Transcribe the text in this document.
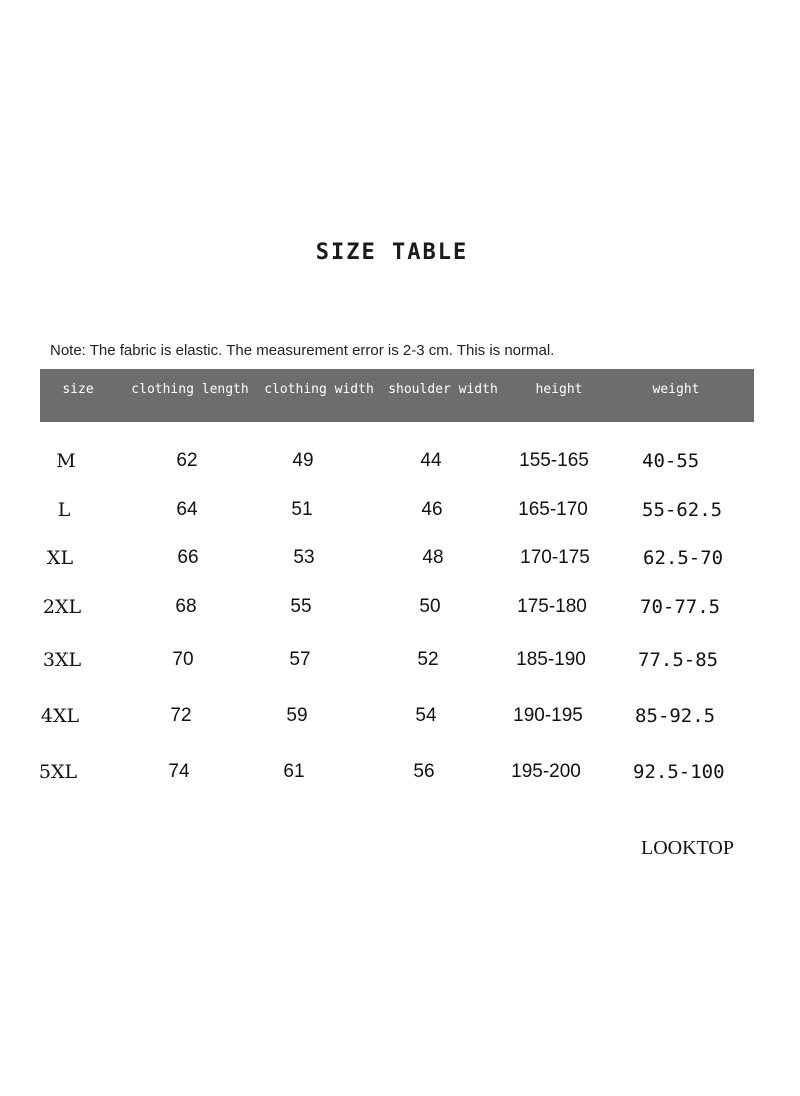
SIZE TABLE
Note: The fabric is elastic. The measurement error is 2-3 cm. This is normal.
size	clothing length	clothing width	shoulder width	height	weight
M	62	49	44	155-165	40-55
L	64	51	46	165-170	55-62.5
XL	66	53	48	170-175	62.5-70
2XL	68	55	50	175-180	70-77.5
3XL	70	57	52	185-190	77.5-85
4XL	72	59	54	190-195	85-92.5
5XL	74	61	56	195-200	92.5-100
LOOKTOP
